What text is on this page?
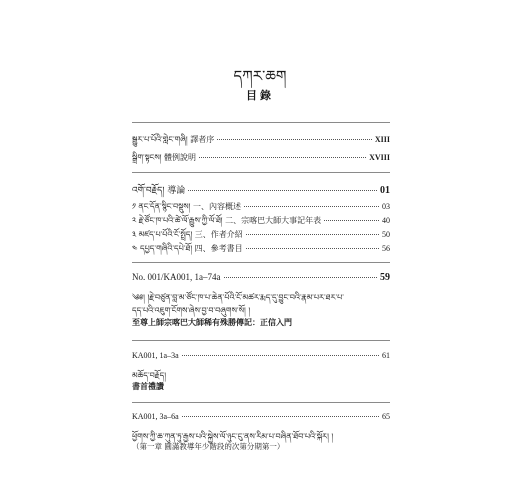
དཀར་ཆག
目錄
སྒྱུར་པ་པོའི་གླེང་གཞི། 譯者序	XIII
སྒྲིག་སྟངས། 體例說明	XVIII
འགོ་བརྗོད། 導論	01
༡ ནང་དོན་སྙིང་བསྡུས། 一、內容概述	03
༢ རྗེ་ཙོང་ཁ་པའི་ཚེ་ལོ་རྒྱུས་ཀྱི་ལོ་ཐོ། 二、宗喀巴大師大事記年表	40
༣ མཛད་པ་པོའི་ངོ་སྤྲོད། 三、作者介紹	50
༤ དཔྱད་གཞིའི་དཔེ་ཐོ། 四、參考書目	56
No. 001/KA001, 1a–74a	59
༄༅། །རྗེ་བཙུན་བླ་མ་ཙོང་ཁ་པ་ཆེན་པོའི་ངོ་མཚར་རྨད་དུ་བྱུང་བའི་རྣམ་པར་ཐར་པ་
དད་པའི་འཇུག་ངོགས་ཞེས་བྱ་བ་བཞུགས་སོ། །
至尊上師宗喀巴大師稀有殊勝傳記：正信入門
KA001, 1a–3a	61
མཆོད་བརྗོད།
書首禮讚
KA001, 3a–6a	65
ཕྱོགས་ཀྱི་ཆ་ཀུན་ཏུ་རྒྱས་པའི་སྐྱེས་ལོ་ཉུང་ངུ་ནས་རིམ་པ་བཞིན་ཐོབ་པའི་སྐོར། །
（第一章 圓滿教導年少階段的次第分期第一）
